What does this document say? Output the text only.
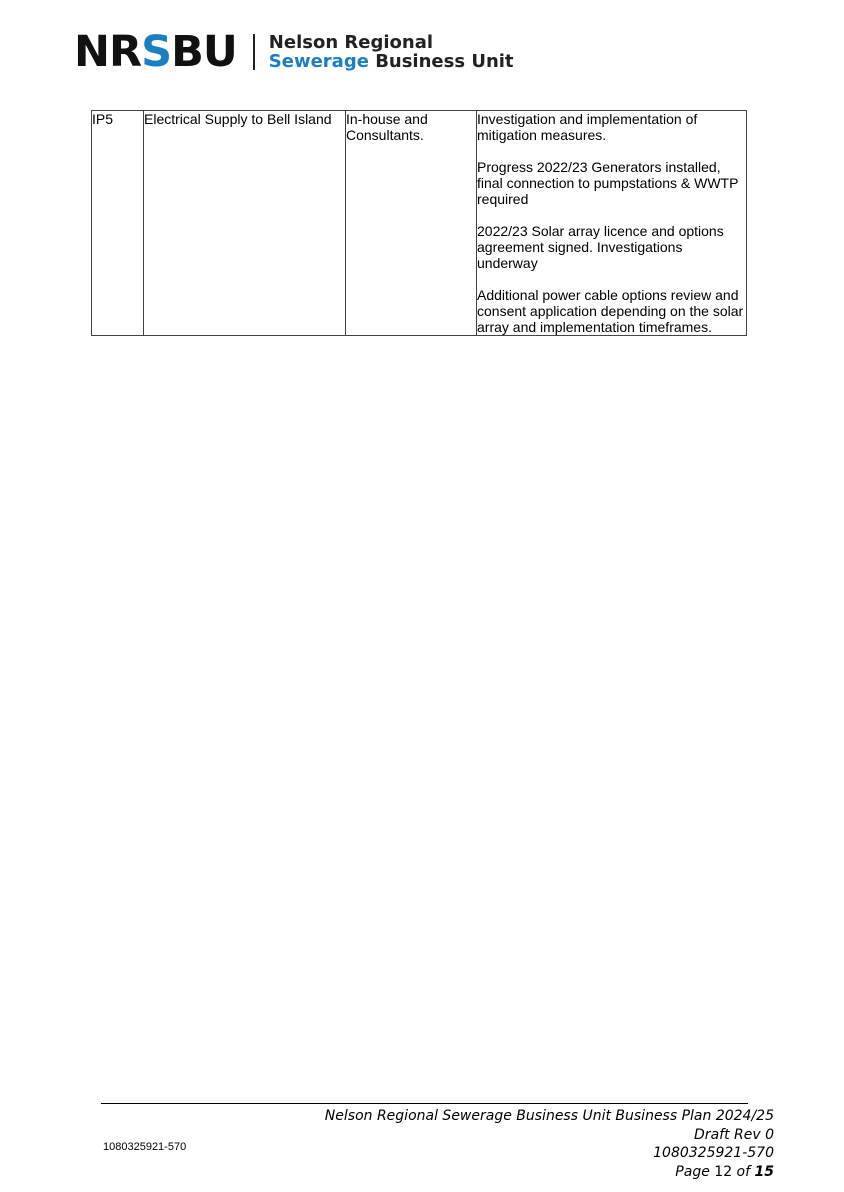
NRSBU Nelson Regional
Sewerage Business Unit
IP5	Electrical Supply to Bell Island	In-house and Consultants.	

Investigation and implementation of mitigation measures.

Progress 2022/23 Generators installed, final connection to pumpstations & WWTP required

2022/23 Solar array licence and options agreement signed. Investigations underway

Additional power cable options review and consent application depending on the solar array and implementation timeframes.

1080325921-570
Nelson Regional Sewerage Business Unit Business Plan 2024/25
Draft Rev 0
1080325921-570
Page 12 of 15
